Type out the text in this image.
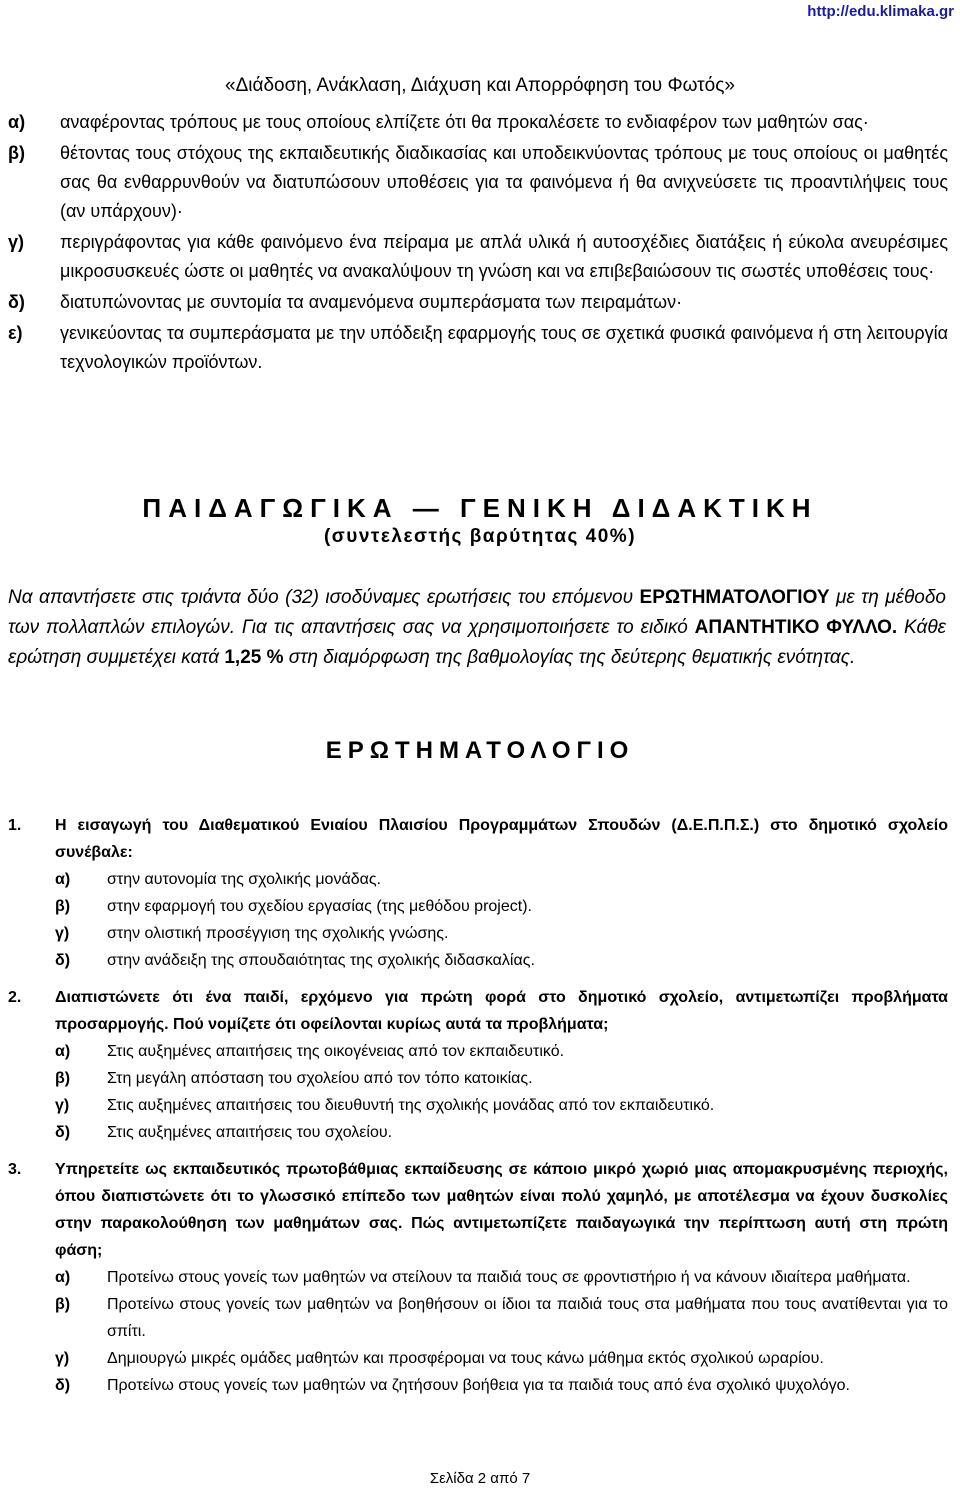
http://edu.klimaka.gr
«Διάδοση, Ανάκλαση, Διάχυση και Απορρόφηση του Φωτός»
α)	αναφέροντας τρόπους με τους οποίους ελπίζετε ότι θα προκαλέσετε το ενδιαφέρον των μαθητών σας·
β)	θέτοντας τους στόχους της εκπαιδευτικής διαδικασίας και υποδεικνύοντας τρόπους με τους οποίους οι μαθητές σας θα ενθαρρυνθούν να διατυπώσουν υποθέσεις για τα φαινόμενα ή θα ανιχνεύσετε τις προαντιλήψεις τους (αν υπάρχουν)·
γ)	περιγράφοντας για κάθε φαινόμενο ένα πείραμα με απλά υλικά ή αυτοσχέδιες διατάξεις ή εύκολα ανευρέσιμες μικροσυσκευές ώστε οι μαθητές να ανακαλύψουν τη γνώση και να επιβεβαιώσουν τις σωστές υποθέσεις τους·
δ)	διατυπώνοντας με συντομία τα αναμενόμενα συμπεράσματα των πειραμάτων·
ε)	γενικεύοντας τα συμπεράσματα με την υπόδειξη εφαρμογής τους σε σχετικά φυσικά φαινόμενα ή στη λειτουργία τεχνολογικών προϊόντων.
ΠΑΙΔΑΓΩΓΙΚΑ — ΓΕΝΙΚΗ ΔΙΔΑΚΤΙΚΗ
(συντελεστής βαρύτητας 40%)
Να απαντήσετε στις τριάντα δύο (32) ισοδύναμες ερωτήσεις του επόμενου ΕΡΩΤΗΜΑΤΟΛΟΓΙΟΥ με τη μέθοδο των πολλαπλών επιλογών. Για τις απαντήσεις σας να χρησιμοποιήσετε το ειδικό ΑΠΑΝΤΗΤΙΚΟ ΦΥΛΛΟ. Κάθε ερώτηση συμμετέχει κατά 1,25 % στη διαμόρφωση της βαθμολογίας της δεύτερης θεματικής ενότητας.
ΕΡΩΤΗΜΑΤΟΛΟΓΙΟ
1.	Η εισαγωγή του Διαθεματικού Ενιαίου Πλαισίου Προγραμμάτων Σπουδών (Δ.Ε.Π.Π.Σ.) στο δημοτικό σχολείο συνέβαλε:
α)	στην αυτονομία της σχολικής μονάδας.
β)	στην εφαρμογή του σχεδίου εργασίας (της μεθόδου project).
γ)	στην ολιστική προσέγγιση της σχολικής γνώσης.
δ)	στην ανάδειξη της σπουδαιότητας της σχολικής διδασκαλίας.
2.	Διαπιστώνετε ότι ένα παιδί, ερχόμενο για πρώτη φορά στο δημοτικό σχολείο, αντιμετωπίζει προβλήματα προσαρμογής. Πού νομίζετε ότι οφείλονται κυρίως αυτά τα προβλήματα;
α)	Στις αυξημένες απαιτήσεις της οικογένειας από τον εκπαιδευτικό.
β)	Στη μεγάλη απόσταση του σχολείου από τον τόπο κατοικίας.
γ)	Στις αυξημένες απαιτήσεις του διευθυντή της σχολικής μονάδας από τον εκπαιδευτικό.
δ)	Στις αυξημένες απαιτήσεις του σχολείου.
3.	Υπηρετείτε ως εκπαιδευτικός πρωτοβάθμιας εκπαίδευσης σε κάποιο μικρό χωριό μιας απομακρυσμένης περιοχής, όπου διαπιστώνετε ότι το γλωσσικό επίπεδο των μαθητών είναι πολύ χαμηλό, με αποτέλεσμα να έχουν δυσκολίες στην παρακολούθηση των μαθημάτων σας. Πώς αντιμετωπίζετε παιδαγωγικά την περίπτωση αυτή στη πρώτη φάση;
α)	Προτείνω στους γονείς των μαθητών να στείλουν τα παιδιά τους σε φροντιστήριο ή να κάνουν ιδιαίτερα μαθήματα.
β)	Προτείνω στους γονείς των μαθητών να βοηθήσουν οι ίδιοι τα παιδιά τους στα μαθήματα που τους ανατίθενται για το σπίτι.
γ)	Δημιουργώ μικρές ομάδες μαθητών και προσφέρομαι να τους κάνω μάθημα εκτός σχολικού ωραρίου.
δ)	Προτείνω στους γονείς των μαθητών να ζητήσουν βοήθεια για τα παιδιά τους από ένα σχολικό ψυχολόγο.
Σελίδα 2 από 7
